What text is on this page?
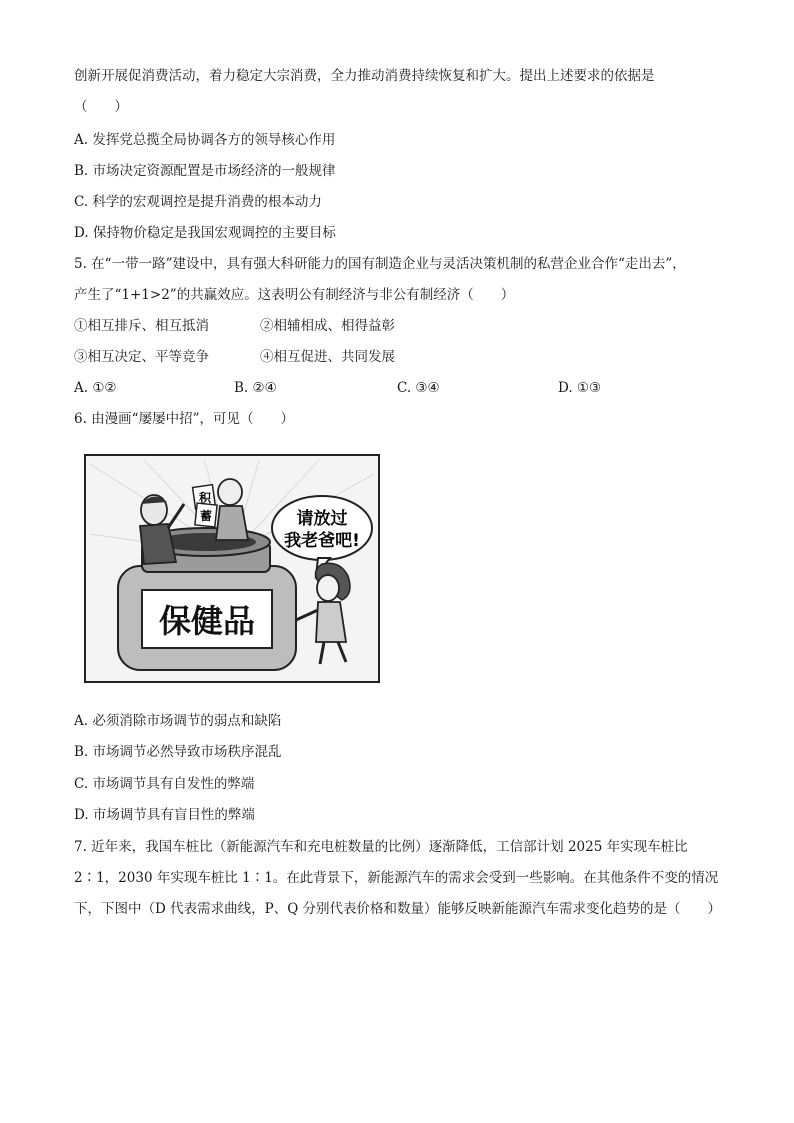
创新开展促消费活动，着力稳定大宗消费，全力推动消费持续恢复和扩大。提出上述要求的依据是
（　　）
A. 发挥党总揽全局协调各方的领导核心作用
B. 市场决定资源配置是市场经济的一般规律
C. 科学的宏观调控是提升消费的根本动力
D. 保持物价稳定是我国宏观调控的主要目标
5. 在“一带一路”建设中，具有强大科研能力的国有制造企业与灵活决策机制的私营企业合作“走出去”，
产生了“1+1>2”的共赢效应。这表明公有制经济与非公有制经济（　　）
①相互排斥、相互抵消	②相辅相成、相得益彰
③相互决定、平等竞争	④相互促进、共同发展
A. ①②	B. ②④	C. ③④	D. ①③
6. 由漫画“屡屡中招”，可见（　　）
保健品
积
蓄	请放过
我老爸吧!
A. 必须消除市场调节的弱点和缺陷
B. 市场调节必然导致市场秩序混乱
C. 市场调节具有自发性的弊端
D. 市场调节具有盲目性的弊端
7. 近年来，我国车桩比（新能源汽车和充电桩数量的比例）逐渐降低，工信部计划 2025 年实现车桩比
2∶1，2030 年实现车桩比 1∶1。在此背景下，新能源汽车的需求会受到一些影响。在其他条件不变的情况
下，下图中（D 代表需求曲线，P、Q 分别代表价格和数量）能够反映新能源汽车需求变化趋势的是（　　）
